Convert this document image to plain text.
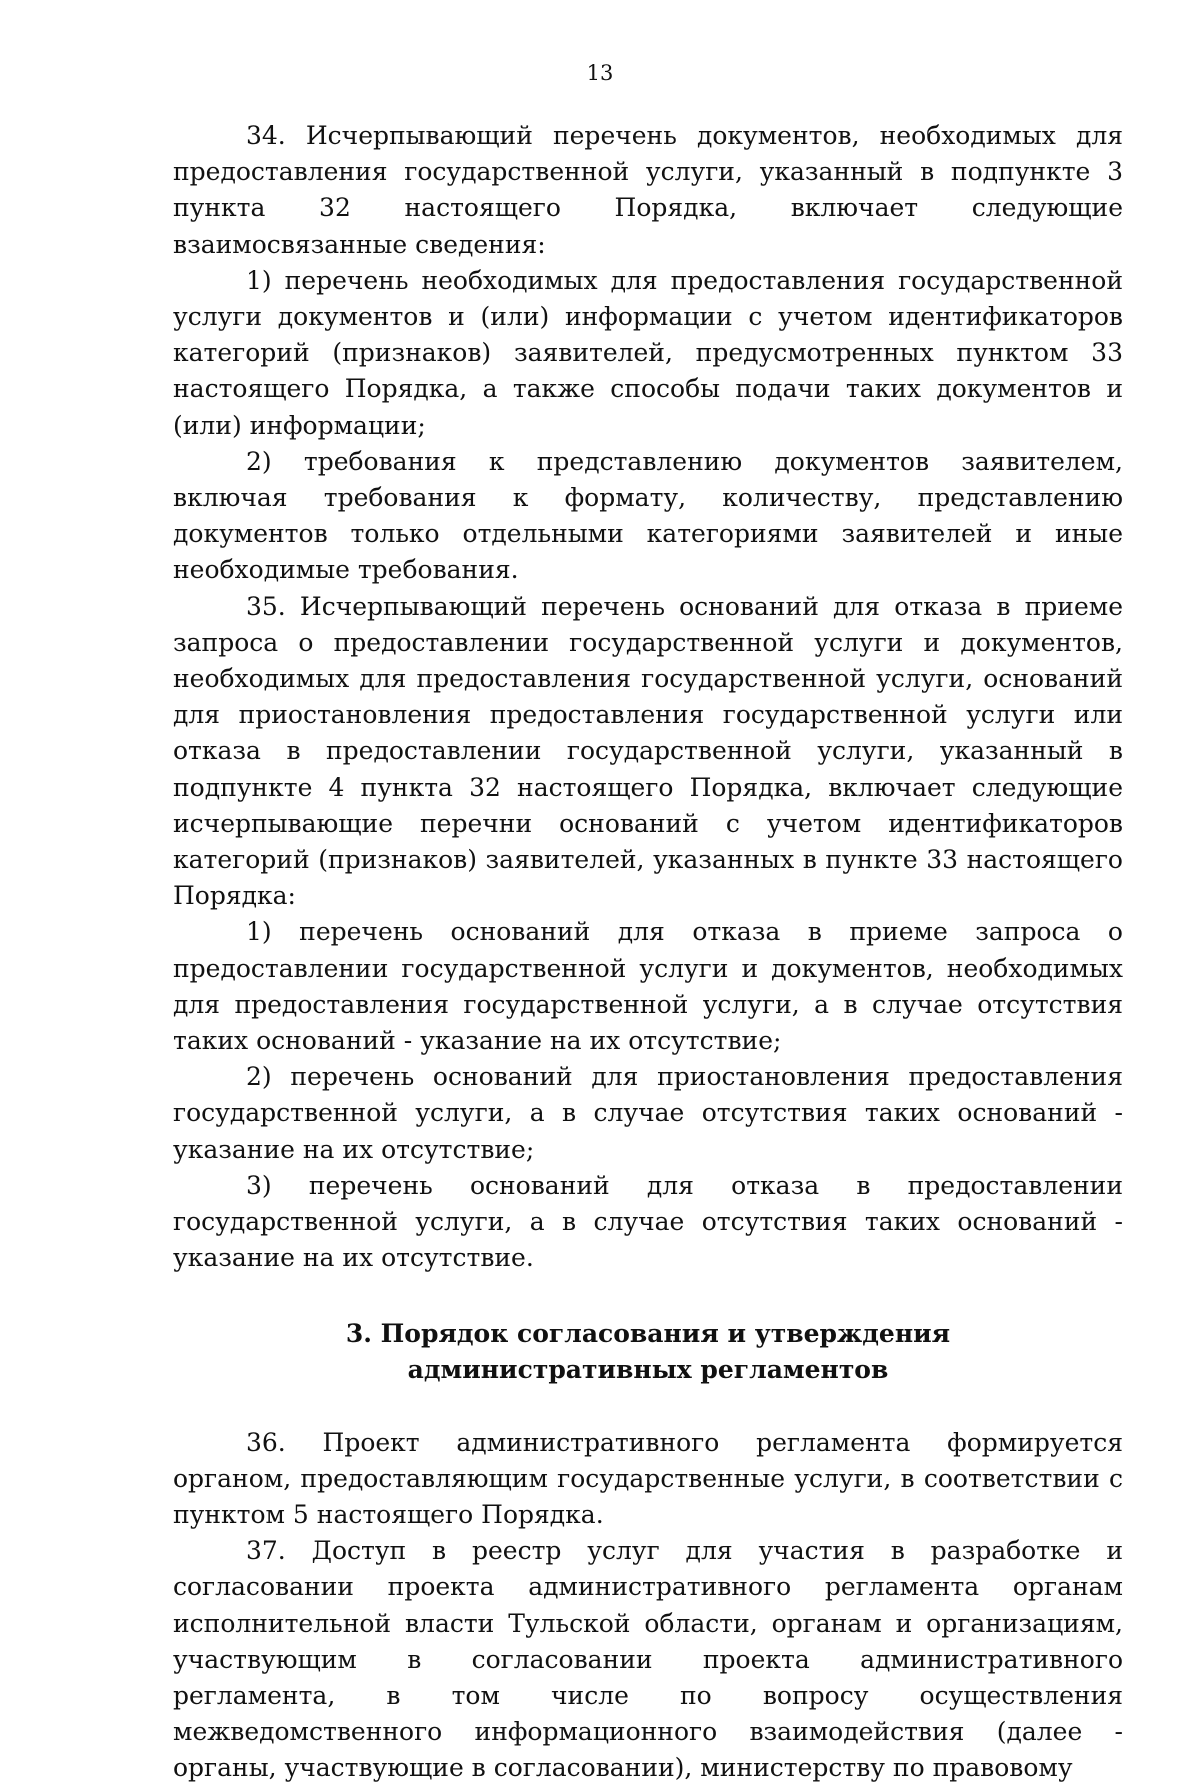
13

34. Исчерпывающий перечень документов, необходимых для предоставления государственной услуги, указанный в подпункте 3 пункта 32 настоящего Порядка, включает следующие взаимосвязанные сведения:

1) перечень необходимых для предоставления государственной услуги документов и (или) информации с учетом идентификаторов категорий (признаков) заявителей, предусмотренных пунктом 33 настоящего Порядка, а также способы подачи таких документов и (или) информации;

2) требования к представлению документов заявителем, включая требования к формату, количеству, представлению документов только отдельными категориями заявителей и иные необходимые требования.

35. Исчерпывающий перечень оснований для отказа в приеме запроса о предоставлении государственной услуги и документов, необходимых для предоставления государственной услуги, оснований для приостановления предоставления государственной услуги или отказа в предоставлении государственной услуги, указанный в подпункте 4 пункта 32 настоящего Порядка, включает следующие исчерпывающие перечни оснований с учетом идентификаторов категорий (признаков) заявителей, указанных в пункте 33 настоящего Порядка:

1) перечень оснований для отказа в приеме запроса о предоставлении государственной услуги и документов, необходимых для предоставления государственной услуги, а в случае отсутствия таких оснований - указание на их отсутствие;

2) перечень оснований для приостановления предоставления государственной услуги, а в случае отсутствия таких оснований - указание на их отсутствие;

3) перечень оснований для отказа в предоставлении государственной услуги, а в случае отсутствия таких оснований - указание на их отсутствие.

3. Порядок согласования и утверждения
административных регламентов

36. Проект административного регламента формируется органом, предоставляющим государственные услуги, в соответствии с пунктом 5 настоящего Порядка.

37. Доступ в реестр услуг для участия в разработке и согласовании проекта административного регламента органам исполнительной власти Тульской области, органам и организациям, участвующим в согласовании проекта административного регламента, в том числе по вопросу осуществления межведомственного информационного взаимодействия (далее - органы, участвующие в согласовании), министерству по правовому
